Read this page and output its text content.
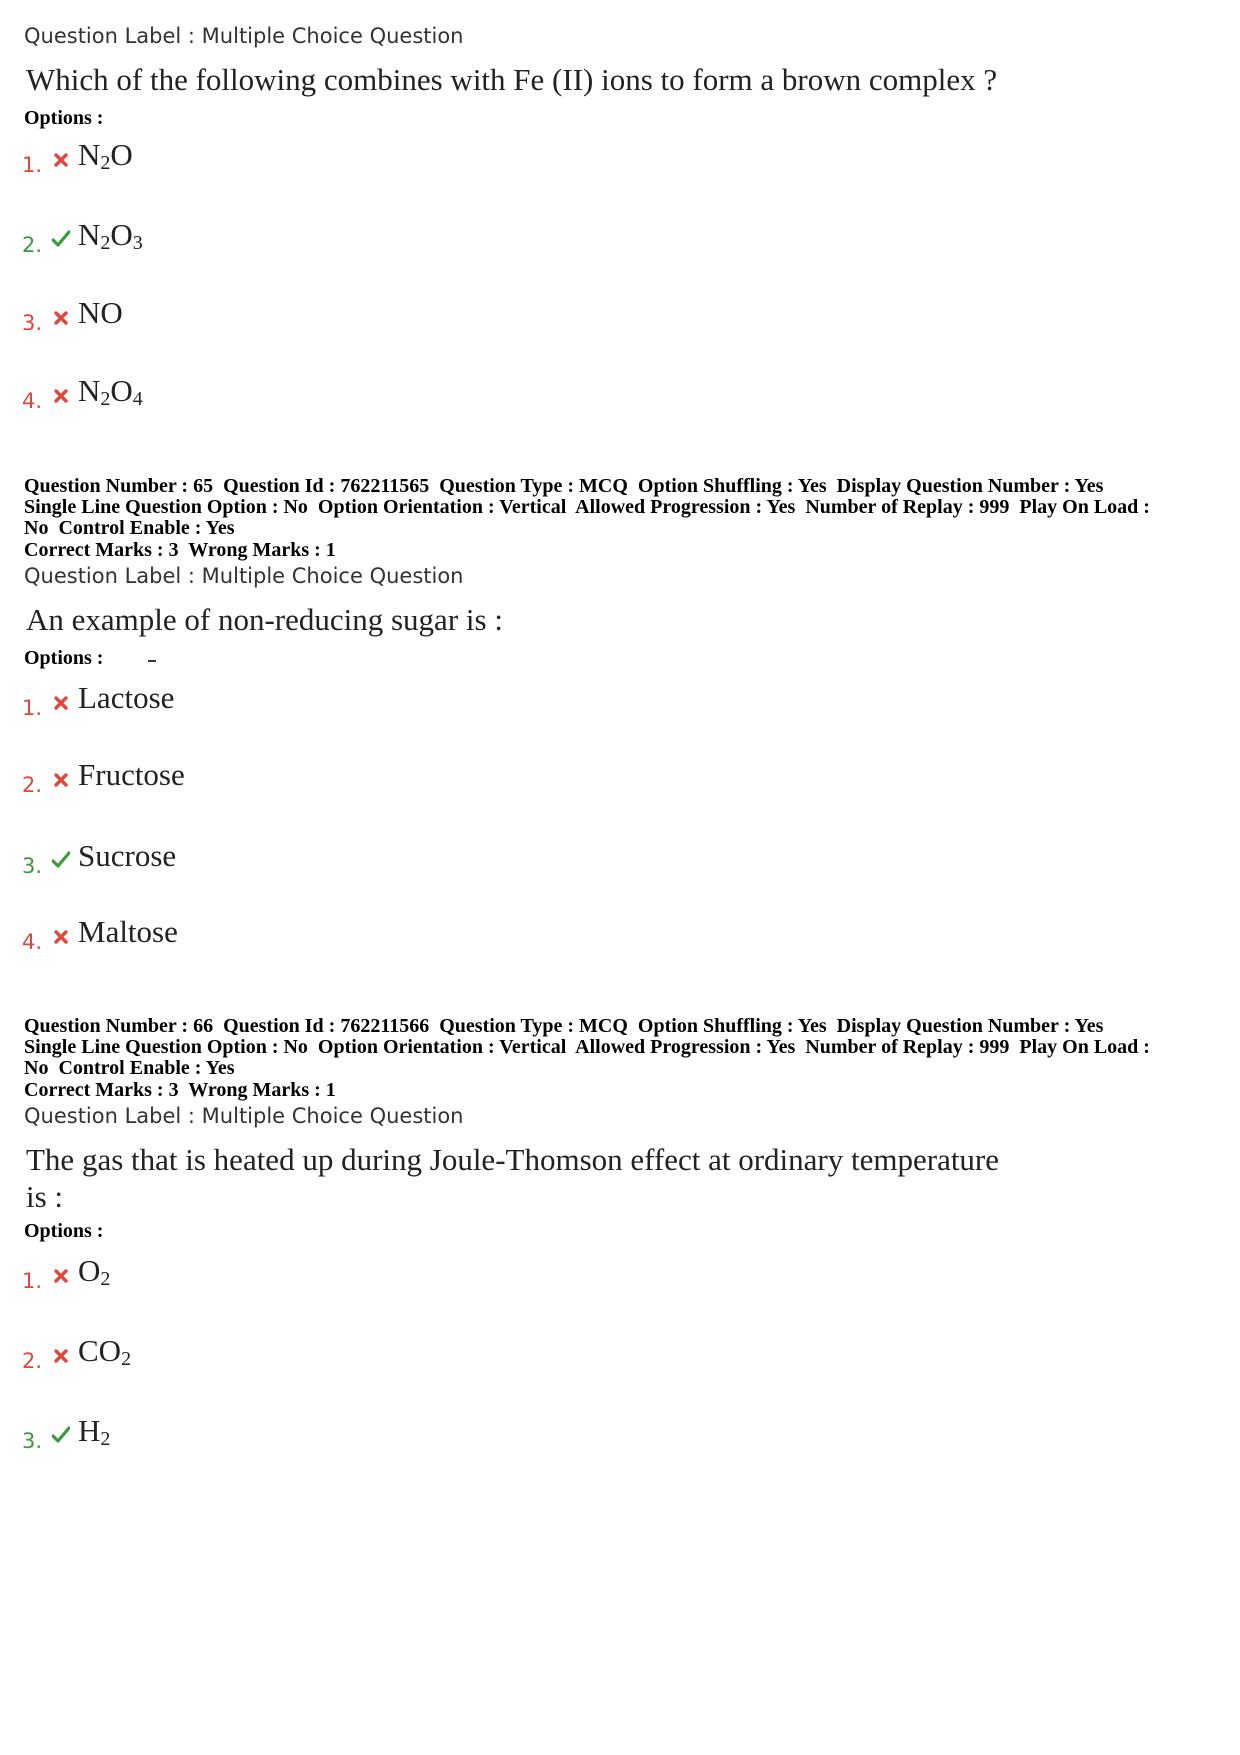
Question Label : Multiple Choice Question
Which of the following combines with Fe (II) ions to form a brown complex ?
Options :
1. $N_2O$
2. $N_2O_3$
3. NO
4. $N_2O_4$
Question Number : 65  Question Id : 762211565  Question Type : MCQ  Option Shuffling : Yes  Display Question Number : Yes
Single Line Question Option : No  Option Orientation : Vertical  Allowed Progression : Yes  Number of Replay : 999  Play On Load :
No  Control Enable : Yes
Correct Marks : 3  Wrong Marks : 1
Question Label : Multiple Choice Question
An example of non-reducing sugar is :
Options :
1. Lactose
2. Fructose
3. Sucrose
4. Maltose
Question Number : 66  Question Id : 762211566  Question Type : MCQ  Option Shuffling : Yes  Display Question Number : Yes
Single Line Question Option : No  Option Orientation : Vertical  Allowed Progression : Yes  Number of Replay : 999  Play On Load :
No  Control Enable : Yes
Correct Marks : 3  Wrong Marks : 1
Question Label : Multiple Choice Question
The gas that is heated up during Joule-Thomson effect at ordinary temperature
is :
Options :
1. $O_2$
2. $CO_2$
3. $H_2$
